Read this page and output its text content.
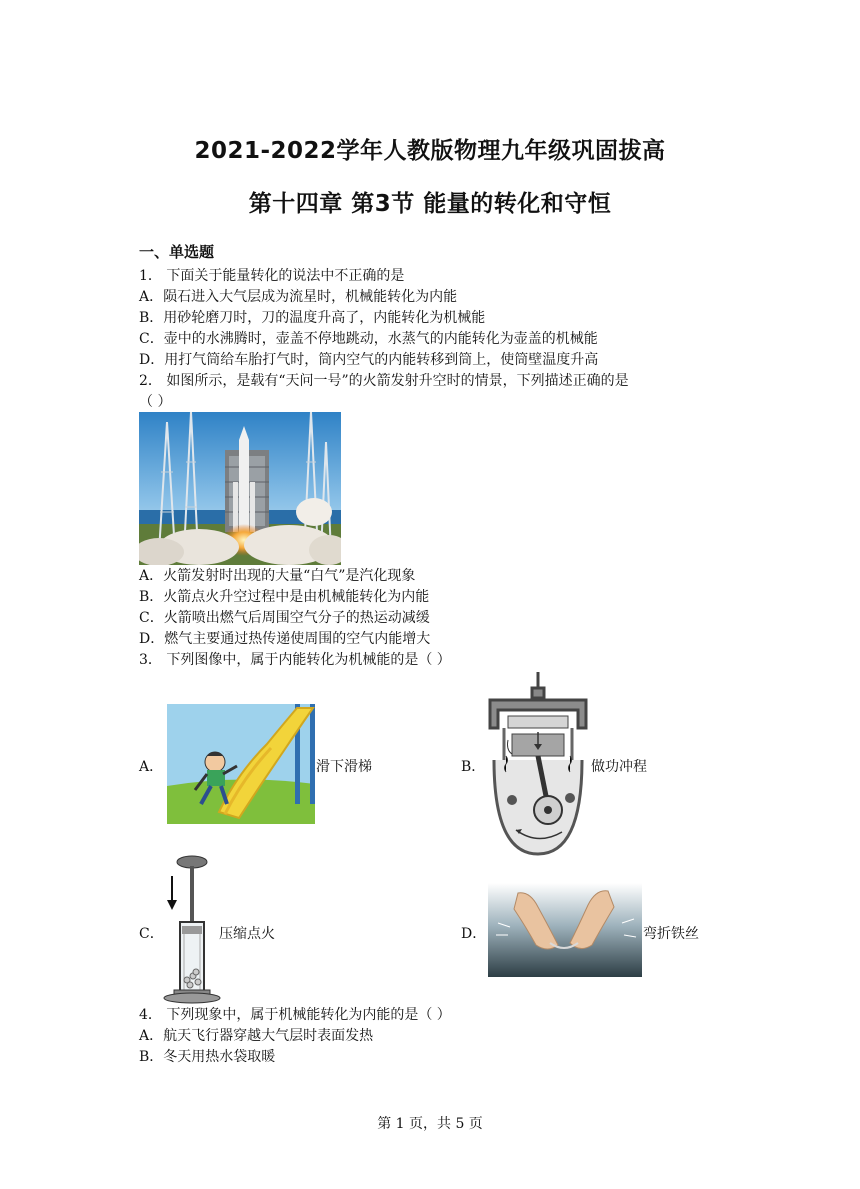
2021-2022学年人教版物理九年级巩固拔高
第十四章 第3节 能量的转化和守恒
一、单选题
1． 下面关于能量转化的说法中不正确的是
A．陨石进入大气层成为流星时，机械能转化为内能
B．用砂轮磨刀时，刀的温度升高了，内能转化为机械能
C．壶中的水沸腾时，壶盖不停地跳动，水蒸气的内能转化为壶盖的机械能
D．用打气筒给车胎打气时，筒内空气的内能转移到筒上，使筒壁温度升高
2． 如图所示，是载有“天问一号”的火箭发射升空时的情景，下列描述正确的是
（ ）
A．火箭发射时出现的大量“白气”是汽化现象
B．火箭点火升空过程中是由机械能转化为内能
C．火箭喷出燃气后周围空气分子的热运动减缓
D．燃气主要通过热传递使周围的空气内能增大
3． 下列图像中，属于内能转化为机械能的是（ ）
A．	滑下滑梯	B．	做功冲程
C．	压缩点火	D．	弯折铁丝
4． 下列现象中，属于机械能转化为内能的是（ ）
A．航天飞行器穿越大气层时表面发热
B．冬天用热水袋取暖
第 1 页，共 5 页
